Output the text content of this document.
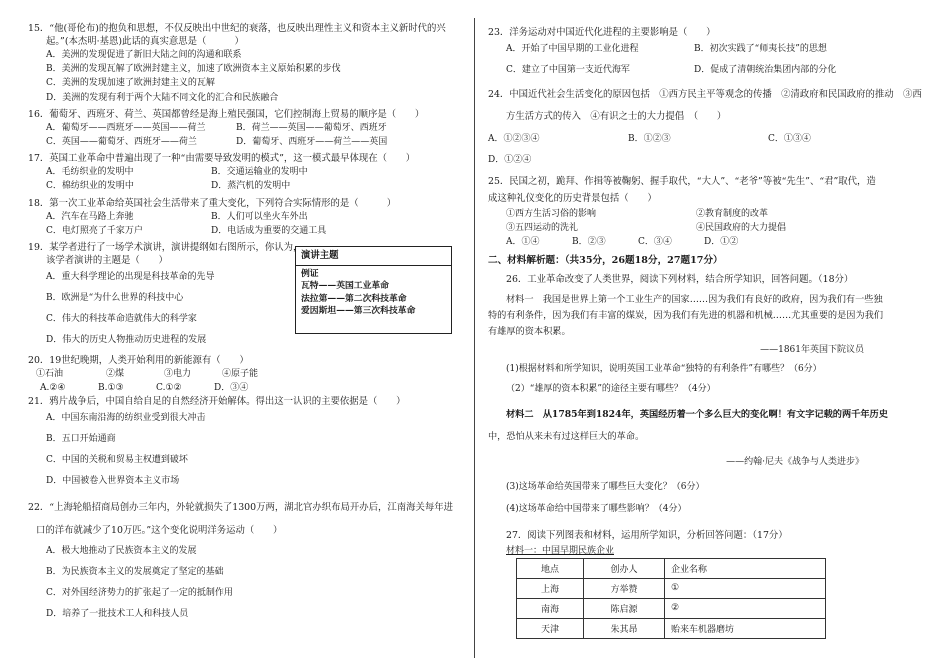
15．“他(哥伦布)的抱负和思想，不仅反映出中世纪的衰落，也反映出理性主义和资本主义新时代的兴
起。”(本杰明·基恩)此话的真实意思是（　　　）
A．美洲的发现促进了新旧大陆之间的沟通和联系
B．美洲的发现瓦解了欧洲封建主义，加速了欧洲资本主义原始积累的步伐
C．美洲的发现加速了欧洲封建主义的瓦解
D．美洲的发现有利于两个大陆不同文化的汇合和民族融合
16．葡萄牙、西班牙、荷兰、英国都曾经是海上殖民强国，它们控制海上贸易的顺序是（　　）
A．葡萄牙——西班牙——英国——荷兰	B．荷兰——英国——葡萄牙、西班牙
C．英国——葡萄牙、西班牙——荷兰	D．葡萄牙、西班牙——荷兰——英国
17．英国工业革命中普遍出现了一种“由需要导致发明的模式”，这一模式最早体现在（　　）
A．毛纺织业的发明中	B．交通运输业的发明中
C．棉纺织业的发明中	D．蒸汽机的发明中
18．第一次工业革命给英国社会生活带来了重大变化，下列符合实际情形的是（　　　）
A．汽车在马路上奔驰	B．人们可以坐火车外出
C．电灯照亮了千家万户	D．电话成为重要的交通工具
19．某学者进行了一场学术演讲，演讲提纲如右图所示，你认为，
该学者演讲的主题是（　　）
A．重大科学理论的出现是科技革命的先导
B．欧洲是“为什么世界的科技中心
C．伟大的科技革命造就伟大的科学家
D．伟大的历史人物推动历史进程的发展
20．19世纪晚期，人类开始利用的新能源有（　　）
①石油	②煤	③电力	④原子能
A.②④	B.①③	C.①②	D．③④
21．鸦片战争后，中国自给自足的自然经济开始解体。得出这一认识的主要依据是（　　）
A．中国东南沿海的纺织业受到很大冲击
B．五口开始通商
C．中国的关税和贸易主权遭到破坏
D．中国被卷入世界资本主义市场
22．“上海轮船招商局创办三年内，外轮就损失了1300万两，湖北官办织布局开办后，江南海关每年进
口的洋布就减少了10万匹。”这个变化说明洋务运动（　　）
A．极大地推动了民族资本主义的发展
B．为民族资本主义的发展奠定了坚定的基础
C．对外国经济势力的扩张起了一定的抵制作用
D．培养了一批技术工人和科技人员
演讲主题
例证
瓦特——英国工业革命
法拉第——第二次科技革命
爱因斯坦——第三次科技革命
23．洋务运动对中国近代化进程的主要影响是（　　）
A．开始了中国早期的工业化进程	B．初次实践了“师夷长技”的思想
C．建立了中国第一支近代海军	D．促成了清朝统治集团内部的分化
24．中国近代社会生活变化的原因包括　①西方民主平等观念的传播　②清政府和民国政府的推动　③西
方生活方式的传入　④有识之士的大力提倡　（　　）
A．①②③④	B．①②③	C．①③④
D．①②④
25．民国之初，跪拜、作揖等被鞠躬、握手取代，“大人”、“老爷”等被“先生”、“君”取代，造
成这种礼仪变化的历史背景包括（　　）
①西方生活习俗的影响	②教育制度的改革
③五四运动的洗礼	④民国政府的大力提倡
A．①④	B．②③	C．③④	D．①②
二、材料解析题：（共35分，26题18分，27题17分）
26．工业革命改变了人类世界，阅读下列材料，结合所学知识，回答问题。（18分）
材料一　我国是世界上第一个工业生产的国家……因为我们有良好的政府，因为我们有一些独
特的有利条件，因为我们有丰富的煤炭，因为我们有先进的机器和机械……尤其重要的是因为我们
有雄厚的资本积累。
——1861年英国下院议员
(1)根据材料和所学知识，说明英国工业革命“独特的有利条件”有哪些？（6分）
（2）“雄厚的资本积累”的途径主要有哪些？（4分）
材料二　从1785年到1824年，英国经历着一个多么巨大的变化啊！有文字记载的两千年历史
中，恐怕从来未有过这样巨大的革命。
——约翰·尼夫《战争与人类进步》
(3)这场革命给英国带来了哪些巨大变化？（6分）
(4)这场革命给中国带来了哪些影响？（4分）
27．阅读下列图表和材料，运用所学知识，分析回答问题：（17分）
材料一：中国早期民族企业
地点	创办人	企业名称
上海	方举赞	①
南海	陈启源	②
天津	朱其昂	贻来车机器磨坊
